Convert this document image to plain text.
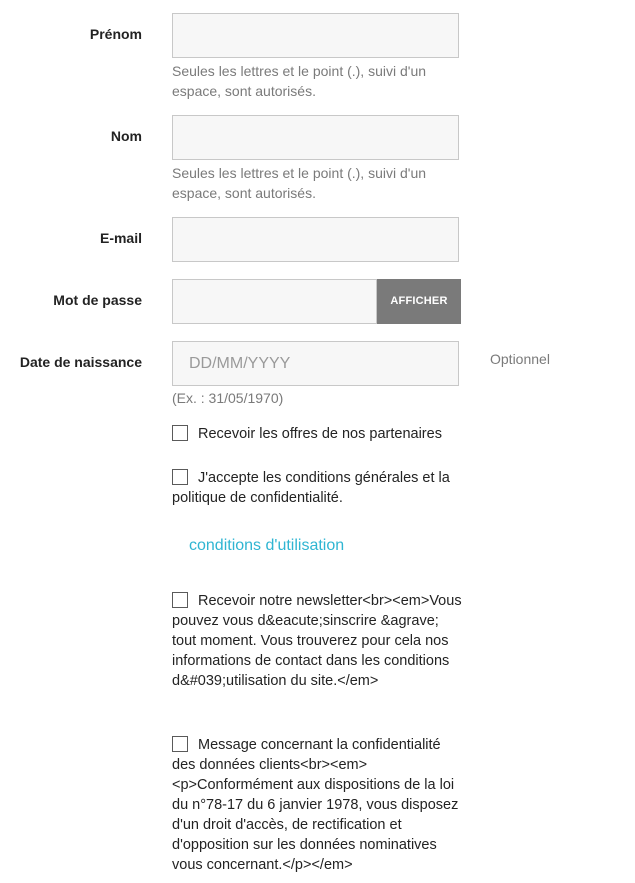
Prénom
Seules les lettres et le point (.), suivi d'un espace, sont autorisés.
Nom
Seules les lettres et le point (.), suivi d'un espace, sont autorisés.
E-mail
Mot de passe	AFFICHER
Date de naissance	DD/MM/YYYY	Optionnel
(Ex. : 31/05/1970)
Recevoir les offres de nos partenaires
J'accepte les conditions générales et la politique de confidentialité.
conditions d'utilisation
Recevoir notre newsletter<br><em>Vous pouvez vous d&eacute;sinscrire &agrave; tout moment. Vous trouverez pour cela nos informations de contact dans les conditions d&#039;utilisation du site.</em>
Message concernant la confidentialité des données clients<br><em><p>Conformément aux dispositions de la loi du n°78-17 du 6 janvier 1978, vous disposez d'un droit d'accès, de rectification et d'opposition sur les données nominatives vous concernant.</p></em>
